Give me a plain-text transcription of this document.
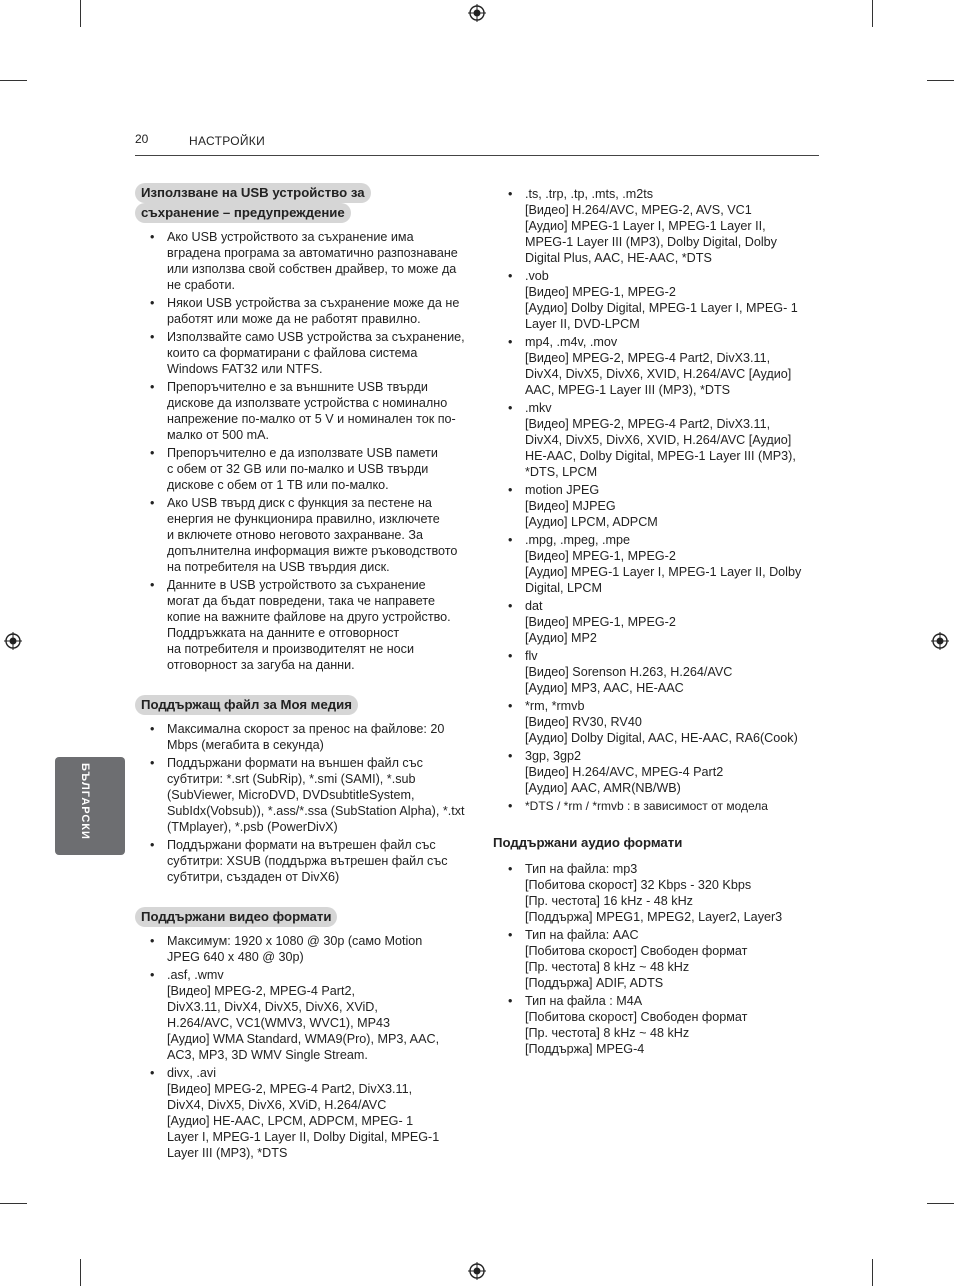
20	НАСТРОЙКИ
БЪЛГАРСКИ
Използване на USB устройство за
съхранение – предупреждение
• Ако USB устройството за съхранение има
вградена програма за автоматично разпознаване
или използва свой собствен драйвер, то може да
не сработи.
• Някои USB устройства за съхранение може да не
работят или може да не работят правилно.
• Използвайте само USB устройства за съхранение,
които са форматирани с файлова система
Windows FAT32 или NTFS.
• Препоръчително е за външните USB твърди
дискове да използвате устройства с номинално
напрежение по-малко от 5 V и номинален ток по-
малко от 500 mA.
• Препоръчително е да използвате USB памети
с обем от 32 GB или по-малко и USB твърди
дискове с обем от 1 TB или по-малко.
• Ако USB твърд диск с функция за пестене на
енергия не функционира правилно, изключете
и включете отново неговото захранване. За
допълнителна информация вижте ръководството
на потребителя на USB твърдия диск.
• Данните в USB устройството за съхранение
могат да бъдат повредени, така че направете
копие на важните файлове на друго устройство.
Поддръжката на данните е отговорност
на потребителя и производителят не носи
отговорност за загуба на данни.
Поддържащ файл за Моя медия
• Максимална скорост за пренос на файлове: 20
Mbps (мегабита в секунда)
• Поддържани формати на външен файл със
субтитри: *.srt (SubRip), *.smi (SAMI), *.sub
(SubViewer, MicroDVD, DVDsubtitleSystem,
SubIdx(Vobsub)), *.ass/*.ssa (SubStation Alpha), *.txt
(TMplayer), *.psb (PowerDivX)
• Поддържани формати на вътрешен файл със
субтитри: XSUB (поддържа вътрешен файл със
субтитри, създаден от DivX6)
Поддържани видео формати
• Максимум: 1920 x 1080 @ 30p (само Motion
JPEG 640 x 480 @ 30p)
• .asf, .wmv
[Видео] MPEG-2, MPEG-4 Part2,
DivX3.11, DivX4, DivX5, DivX6, XViD,
H.264/AVC, VC1(WMV3, WVC1), MP43
[Аудио] WMA Standard, WMA9(Pro), MP3, AAC,
AC3, MP3, 3D WMV Single Stream.
• divx, .avi
[Видео] MPEG-2, MPEG-4 Part2, DivX3.11,
DivX4, DivX5, DivX6, XViD, H.264/AVC
[Аудио] HE-AAC, LPCM, ADPCM, MPEG- 1
Layer I, MPEG-1 Layer II, Dolby Digital, MPEG-1
Layer III (MP3), *DTS
• .ts, .trp, .tp, .mts, .m2ts
[Видео] H.264/AVC, MPEG-2, AVS, VC1
[Аудио] MPEG-1 Layer I, MPEG-1 Layer II,
MPEG-1 Layer III (MP3), Dolby Digital, Dolby
Digital Plus, AAC, HE-AAC, *DTS
• .vob
[Видео] MPEG-1, MPEG-2
[Аудио] Dolby Digital, MPEG-1 Layer I, MPEG- 1
Layer II, DVD-LPCM
• mp4, .m4v, .mov
[Видео] MPEG-2, MPEG-4 Part2, DivX3.11,
DivX4, DivX5, DivX6, XVID, H.264/AVC [Аудио]
AAC, MPEG-1 Layer III (MP3), *DTS
• .mkv
[Видео] MPEG-2, MPEG-4 Part2, DivX3.11,
DivX4, DivX5, DivX6, XVID, H.264/AVC [Аудио]
HE-AAC, Dolby Digital, MPEG-1 Layer III (MP3),
*DTS, LPCM
• motion JPEG
[Видео] MJPEG
[Аудио] LPCM, ADPCM
• .mpg, .mpeg, .mpe
[Видео] MPEG-1, MPEG-2
[Аудио] MPEG-1 Layer I, MPEG-1 Layer II, Dolby
Digital, LPCM
• dat
[Видео] MPEG-1, MPEG-2
[Аудио] MP2
• flv
[Видео] Sorenson H.263, H.264/AVC
[Аудио] MP3, AAC, HE-AAC
• *rm, *rmvb
[Видео] RV30, RV40
[Аудио] Dolby Digital, AAC, HE-AAC, RA6(Cook)
• 3gp, 3gp2
[Видео] H.264/AVC, MPEG-4 Part2
[Аудио] AAC, AMR(NB/WB)
• *DTS / *rm / *rmvb : в зависимост от модела
Поддържани аудио формати
• Тип на файла: mp3
[Побитова скорост] 32 Kbps - 320 Kbps
[Пр. честота] 16 kHz - 48 kHz
[Поддържа] MPEG1, MPEG2, Layer2, Layer3
• Тип на файла: AAC
[Побитова скорост] Свободен формат
[Пр. честота] 8 kHz ~ 48 kHz
[Поддържа] ADIF, ADTS
• Тип на файла : M4A
[Побитова скорост] Свободен формат
[Пр. честота] 8 kHz ~ 48 kHz
[Поддържа] MPEG-4
